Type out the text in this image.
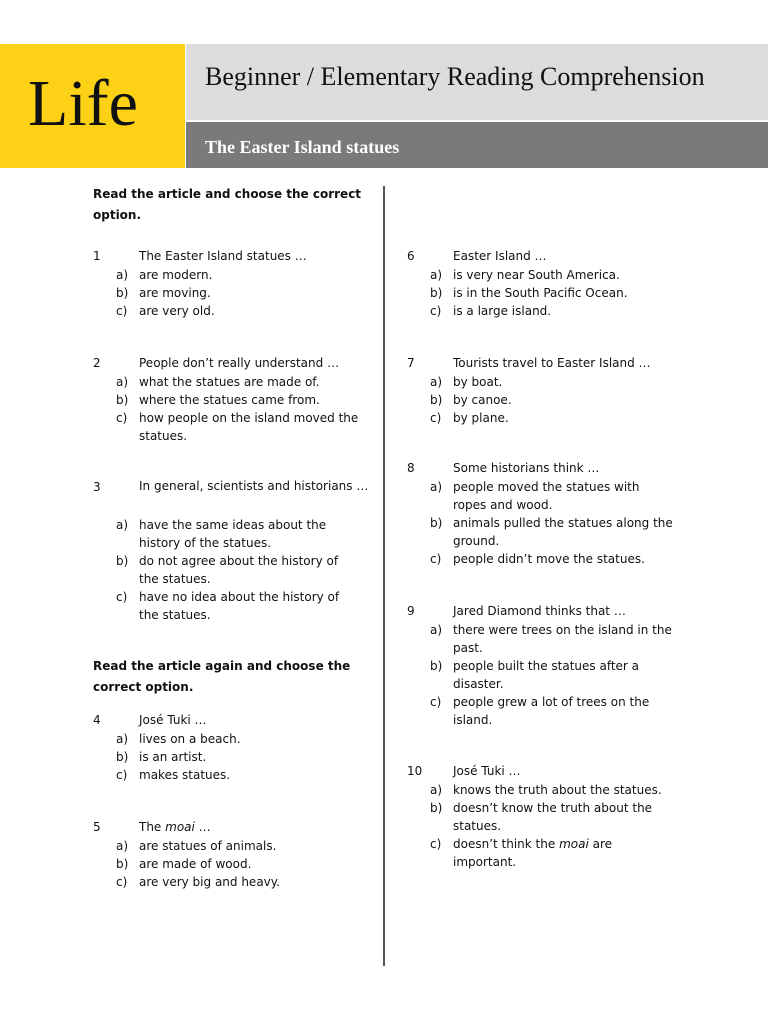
Life	Beginner / Elementary Reading Comprehension
The Easter Island statues
Read the article and choose the correct option.
1	The Easter Island statues …
a) are modern.
b) are moving.
c) are very old.
2	People don’t really understand …
a) what the statues are made of.
b) where the statues came from.
c) how people on the island moved the statues.
3	In general, scientists and historians …
a) have the same ideas about the history of the statues.
b) do not agree about the history of the statues.
c) have no idea about the history of the statues.
Read the article again and choose the correct option.
4	José Tuki …
a) lives on a beach.
b) is an artist.
c) makes statues.
5	The moai …
a) are statues of animals.
b) are made of wood.
c) are very big and heavy.
6	Easter Island …
a) is very near South America.
b) is in the South Pacific Ocean.
c) is a large island.
7	Tourists travel to Easter Island …
a) by boat.
b) by canoe.
c) by plane.
8	Some historians think …
a) people moved the statues with ropes and wood.
b) animals pulled the statues along the ground.
c) people didn’t move the statues.
9	Jared Diamond thinks that …
a) there were trees on the island in the past.
b) people built the statues after a disaster.
c) people grew a lot of trees on the island.
10	José Tuki …
a) knows the truth about the statues.
b) doesn’t know the truth about the statues.
c) doesn’t think the moai are important.
